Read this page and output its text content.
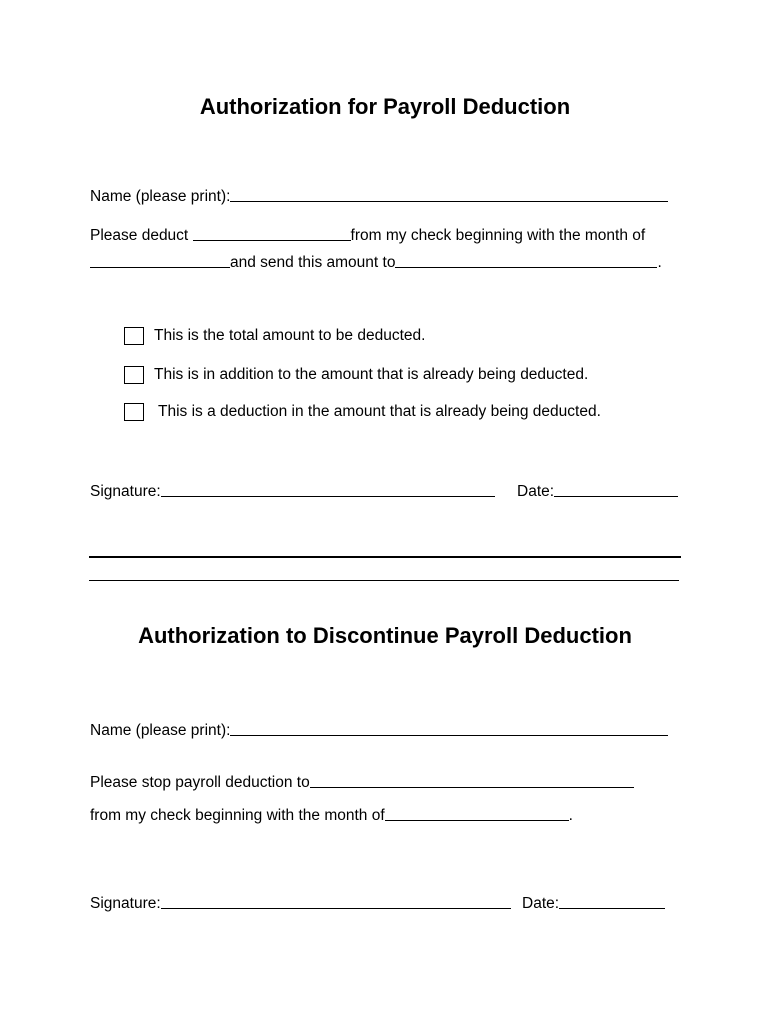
Authorization for Payroll Deduction
Name (please print):
Please deduct	from my check beginning with the month of
and send this amount to	.
This is the total amount to be deducted.
This is in addition to the amount that is already being deducted.
This is a deduction in the amount that is already being deducted.
Signature:	Date:
Authorization to Discontinue Payroll Deduction
Name (please print):
Please stop payroll deduction to
from my check beginning with the month of	.
Signature:	Date:
